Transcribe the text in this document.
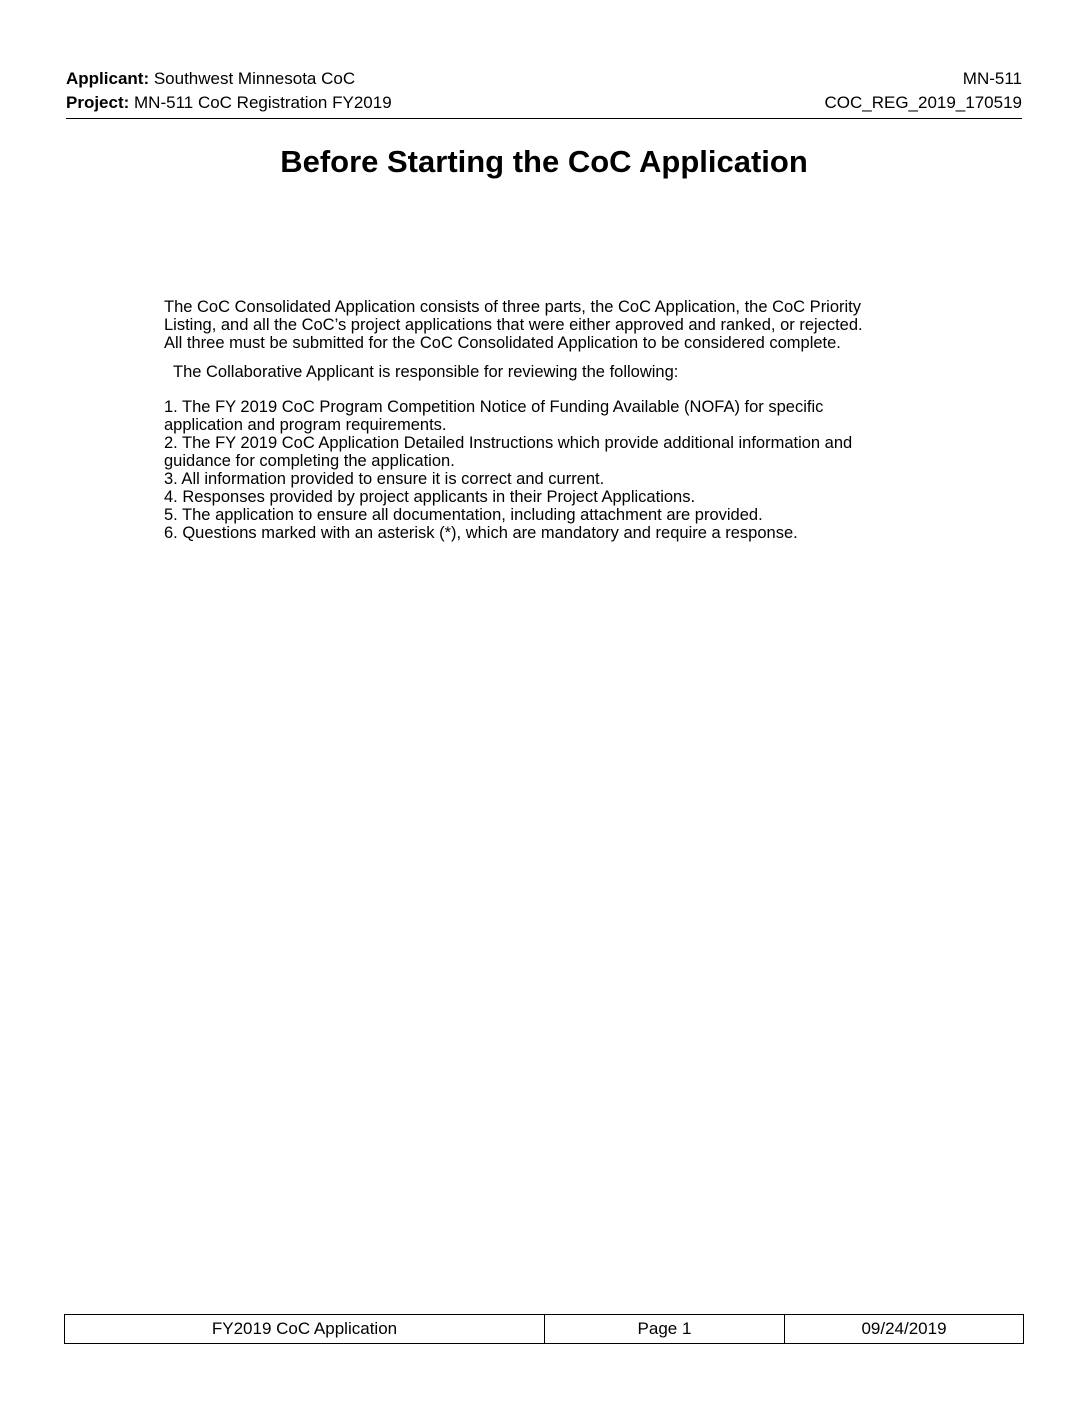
Applicant: Southwest Minnesota CoC	MN-511
Project: MN-511 CoC Registration FY2019	COC_REG_2019_170519
Before Starting the CoC Application

The CoC Consolidated Application consists of three parts, the CoC Application, the CoC Priority
Listing, and all the CoC’s project applications that were either approved and ranked, or rejected.
All three must be submitted for the CoC Consolidated Application to be considered complete.

The Collaborative Applicant is responsible for reviewing the following:
1. The FY 2019 CoC Program Competition Notice of Funding Available (NOFA) for specific
application and program requirements.
2. The FY 2019 CoC Application Detailed Instructions which provide additional information and
guidance for completing the application.
3. All information provided to ensure it is correct and current.
4. Responses provided by project applicants in their Project Applications.
5. The application to ensure all documentation, including attachment are provided.
6. Questions marked with an asterisk (*), which are mandatory and require a response.
FY2019 CoC Application	Page 1	09/24/2019
